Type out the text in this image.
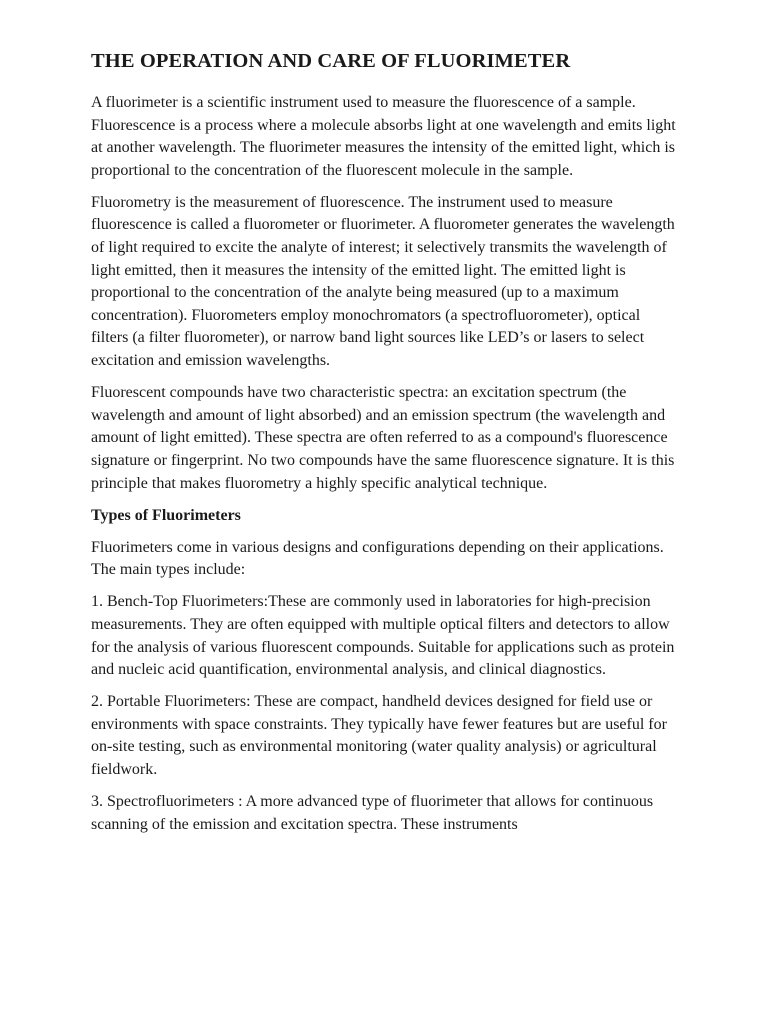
THE OPERATION AND CARE OF FLUORIMETER

A fluorimeter is a scientific instrument used to measure the fluorescence of a sample. Fluorescence is a process where a molecule absorbs light at one wavelength and emits light at another wavelength. The fluorimeter measures the intensity of the emitted light, which is proportional to the concentration of the fluorescent molecule in the sample.

Fluorometry is the measurement of fluorescence. The instrument used to measure fluorescence is called a fluorometer or fluorimeter. A fluorometer generates the wavelength of light required to excite the analyte of interest; it selectively transmits the wavelength of light emitted, then it measures the intensity of the emitted light. The emitted light is proportional to the concentration of the analyte being measured (up to a maximum concentration). Fluorometers employ monochromators (a spectrofluorometer), optical filters (a filter fluorometer), or narrow band light sources like LED’s or lasers to select excitation and emission wavelengths.

Fluorescent compounds have two characteristic spectra: an excitation spectrum (the wavelength and amount of light absorbed) and an emission spectrum (the wavelength and amount of light emitted). These spectra are often referred to as a compound's fluorescence signature or fingerprint. No two compounds have the same fluorescence signature. It is this principle that makes fluorometry a highly specific analytical technique.

Types of Fluorimeters

Fluorimeters come in various designs and configurations depending on their applications. The main types include:

1. Bench-Top Fluorimeters:These are commonly used in laboratories for high-precision measurements. They are often equipped with multiple optical filters and detectors to allow for the analysis of various fluorescent compounds. Suitable for applications such as protein and nucleic acid quantification, environmental analysis, and clinical diagnostics.

2. Portable Fluorimeters: These are compact, handheld devices designed for field use or environments with space constraints. They typically have fewer features but are useful for on-site testing, such as environmental monitoring (water quality analysis) or agricultural fieldwork.

3. Spectrofluorimeters : A more advanced type of fluorimeter that allows for continuous scanning of the emission and excitation spectra. These instruments
